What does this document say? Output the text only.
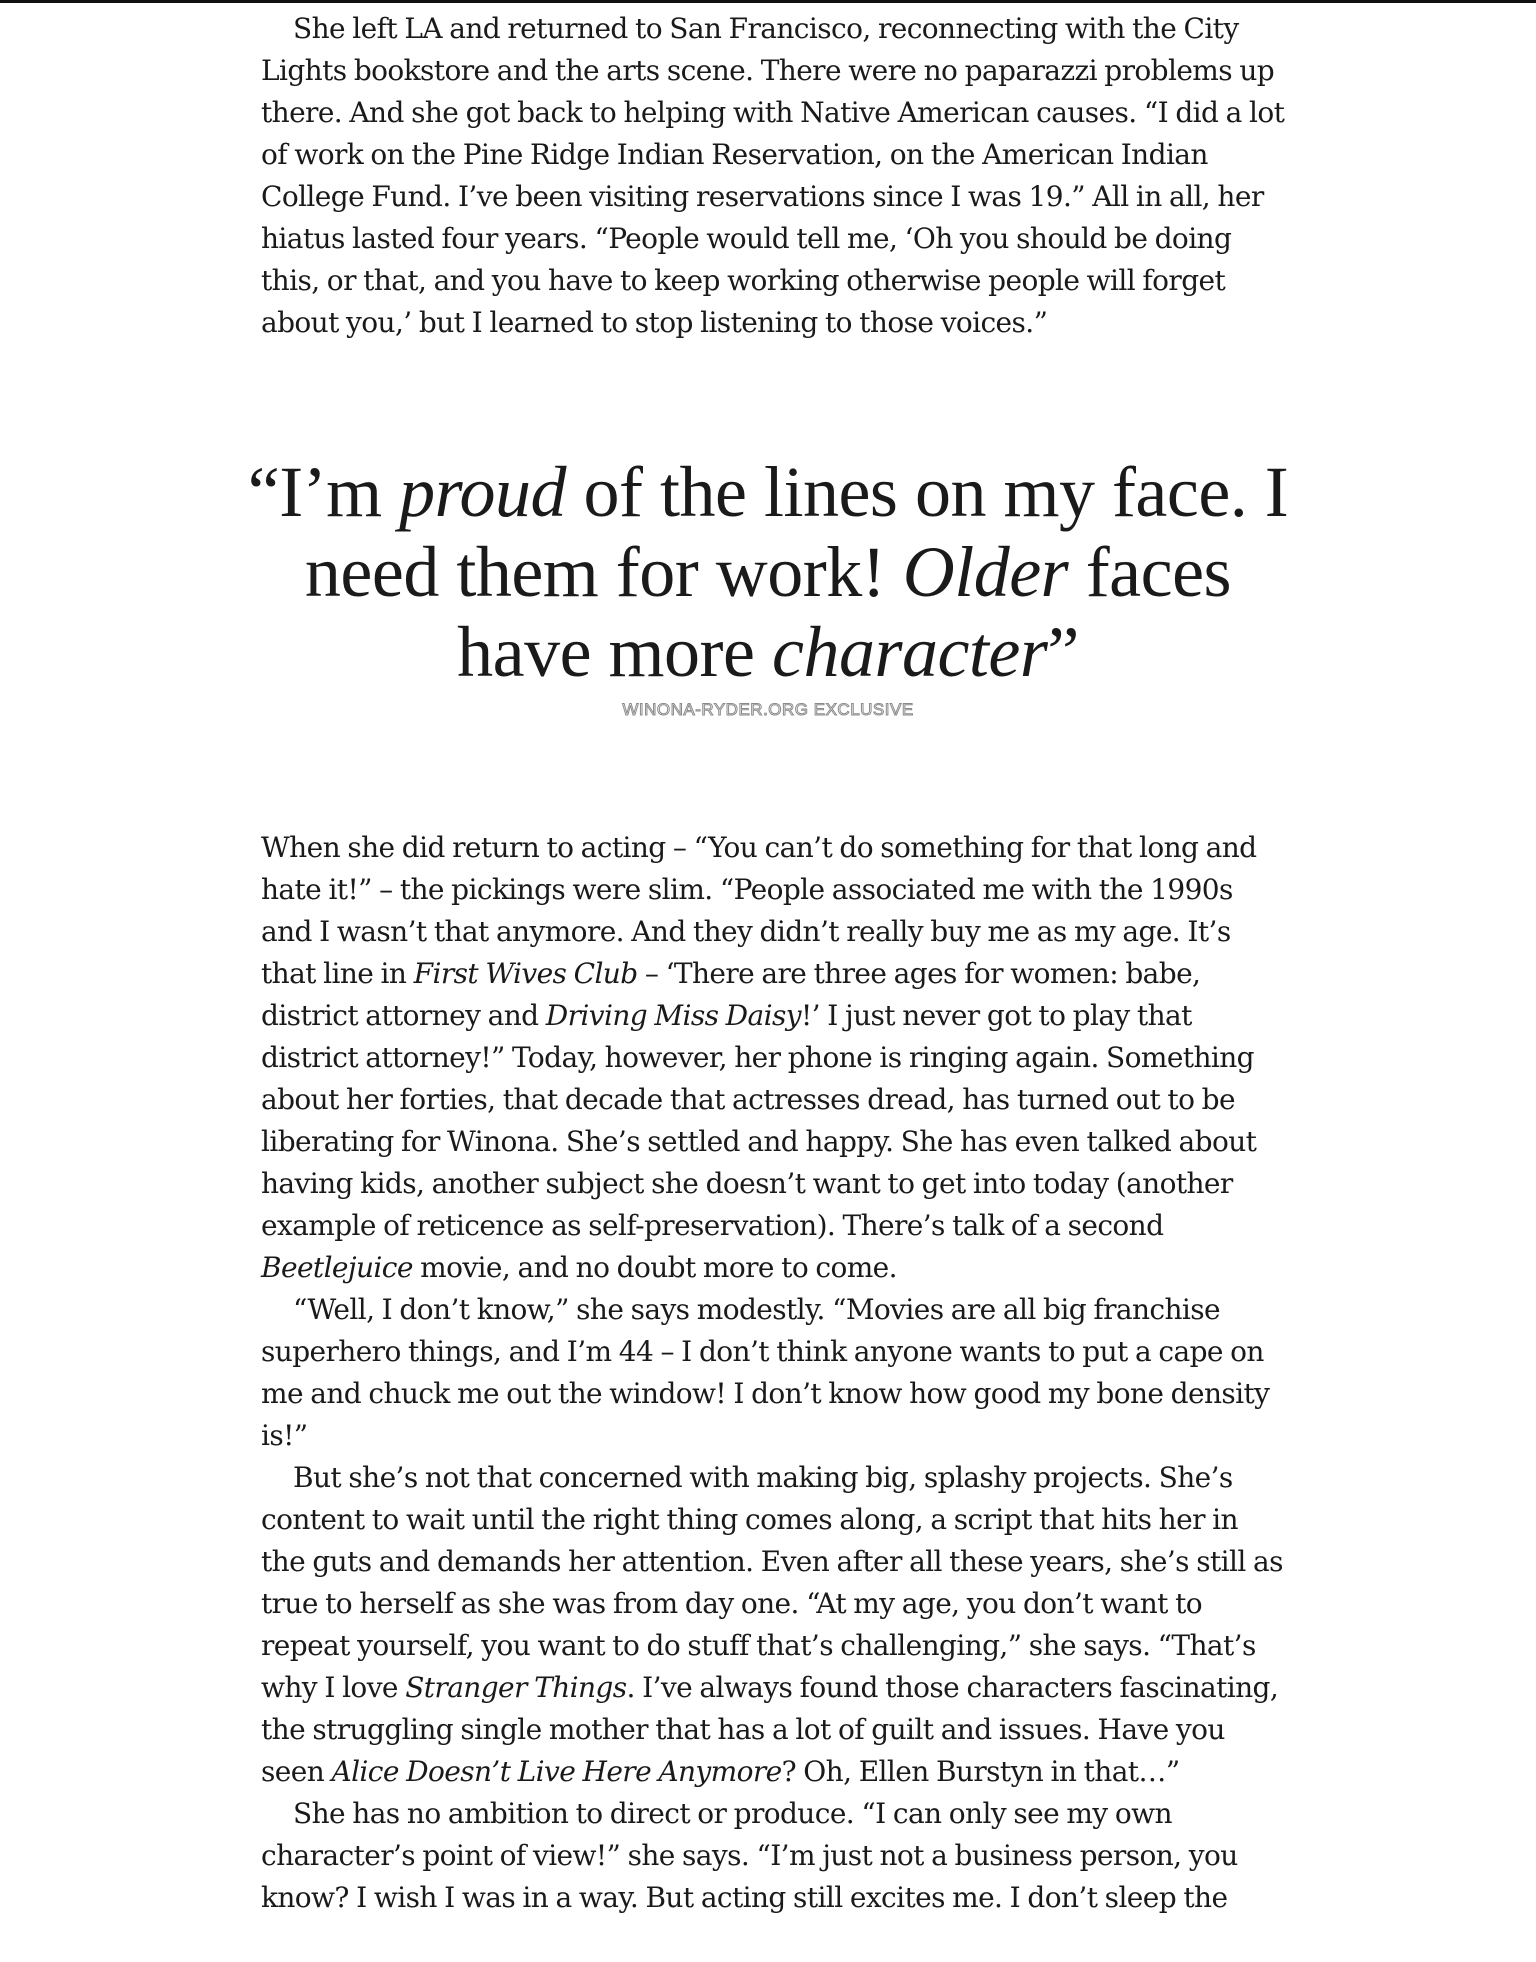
She left LA and returned to San Francisco, reconnecting with the City Lights bookstore and the arts scene. There were no paparazzi problems up there. And she got back to helping with Native American causes. “I did a lot of work on the Pine Ridge Indian Reservation, on the American Indian College Fund. I’ve been visiting reservations since I was 19.” All in all, her hiatus lasted four years. “People would tell me, ‘Oh you should be doing this, or that, and you have to keep working otherwise people will forget about you,’ but I learned to stop listening to those voices.”

“I’m proud of the lines on my face. I need them for work! Older faces have more character”

WINONA-RYDER.ORG EXCLUSIVE

When she did return to acting – “You can’t do something for that long and hate it!” – the pickings were slim. “People associated me with the 1990s and I wasn’t that anymore. And they didn’t really buy me as my age. It’s that line in First Wives Club – ‘There are three ages for women: babe, district attorney and Driving Miss Daisy!’ I just never got to play that district attorney!” Today, however, her phone is ringing again. Something about her forties, that decade that actresses dread, has turned out to be liberating for Winona. She’s settled and happy. She has even talked about having kids, another subject she doesn’t want to get into today (another example of reticence as self-preservation). There’s talk of a second Beetlejuice movie, and no doubt more to come.

“Well, I don’t know,” she says modestly. “Movies are all big franchise superhero things, and I’m 44 – I don’t think anyone wants to put a cape on me and chuck me out the window! I don’t know how good my bone density is!”

But she’s not that concerned with making big, splashy projects. She’s content to wait until the right thing comes along, a script that hits her in the guts and demands her attention. Even after all these years, she’s still as true to herself as she was from day one. “At my age, you don’t want to repeat yourself, you want to do stuff that’s challenging,” she says. “That’s why I love Stranger Things. I’ve always found those characters fascinating, the struggling single mother that has a lot of guilt and issues. Have you seen Alice Doesn’t Live Here Anymore? Oh, Ellen Burstyn in that…”

She has no ambition to direct or produce. “I can only see my own character’s point of view!” she says. “I’m just not a business person, you know? I wish I was in a way. But acting still excites me. I don’t sleep the
